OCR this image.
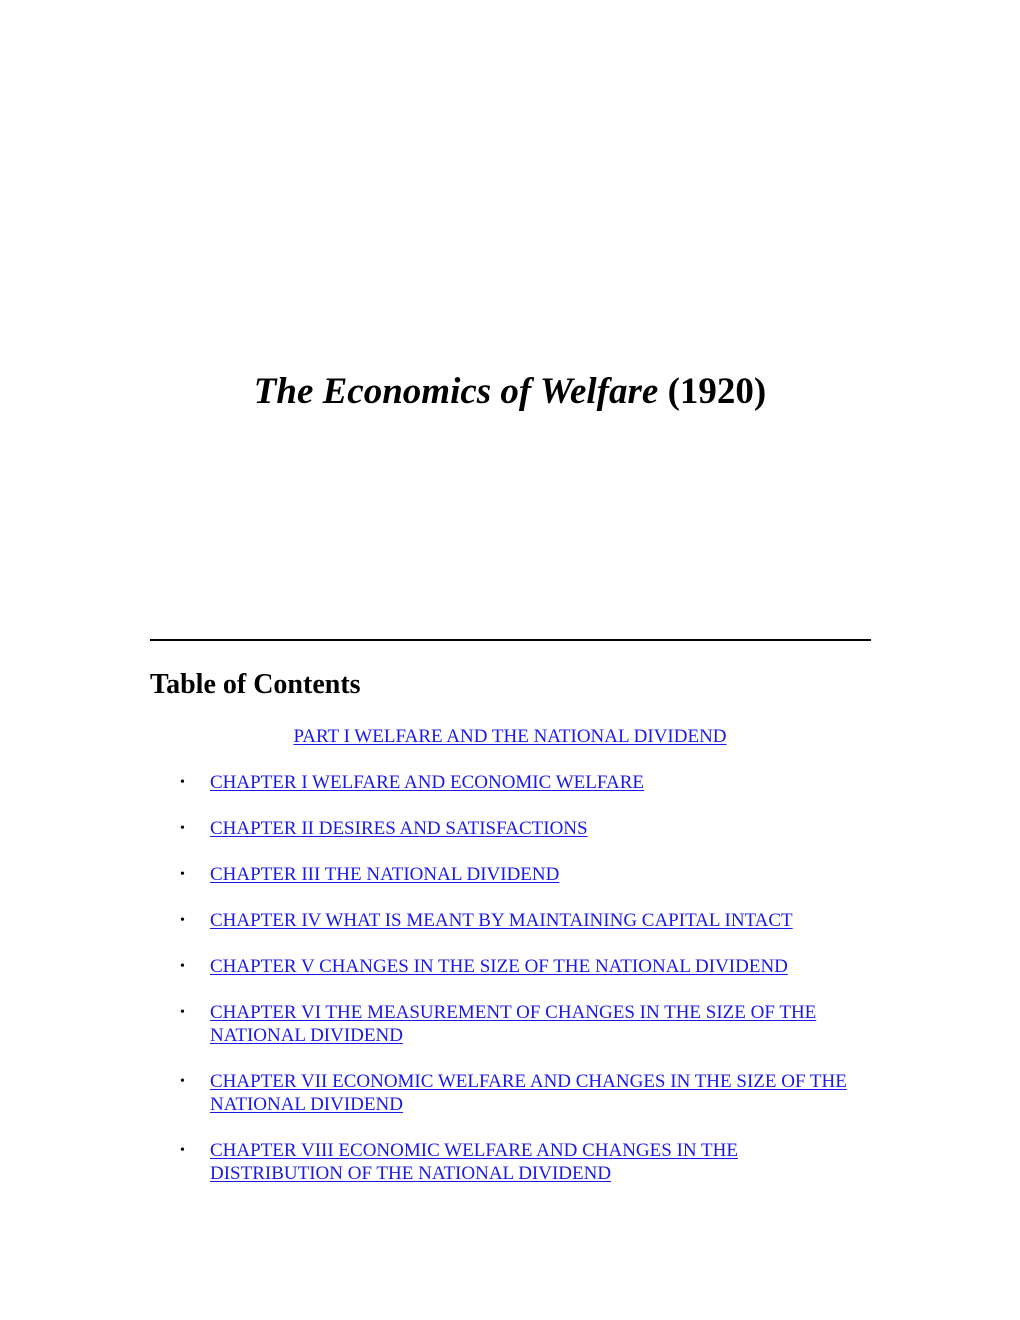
The Economics of Welfare (1920)
Table of Contents
PART I WELFARE AND THE NATIONAL DIVIDEND
• CHAPTER I WELFARE AND ECONOMIC WELFARE
• CHAPTER II DESIRES AND SATISFACTIONS
• CHAPTER III THE NATIONAL DIVIDEND
• CHAPTER IV WHAT IS MEANT BY MAINTAINING CAPITAL INTACT
• CHAPTER V CHANGES IN THE SIZE OF THE NATIONAL DIVIDEND
• CHAPTER VI THE MEASUREMENT OF CHANGES IN THE SIZE OF THE NATIONAL DIVIDEND
• CHAPTER VII ECONOMIC WELFARE AND CHANGES IN THE SIZE OF THE NATIONAL DIVIDEND
• CHAPTER VIII ECONOMIC WELFARE AND CHANGES IN THE DISTRIBUTION OF THE NATIONAL DIVIDEND
